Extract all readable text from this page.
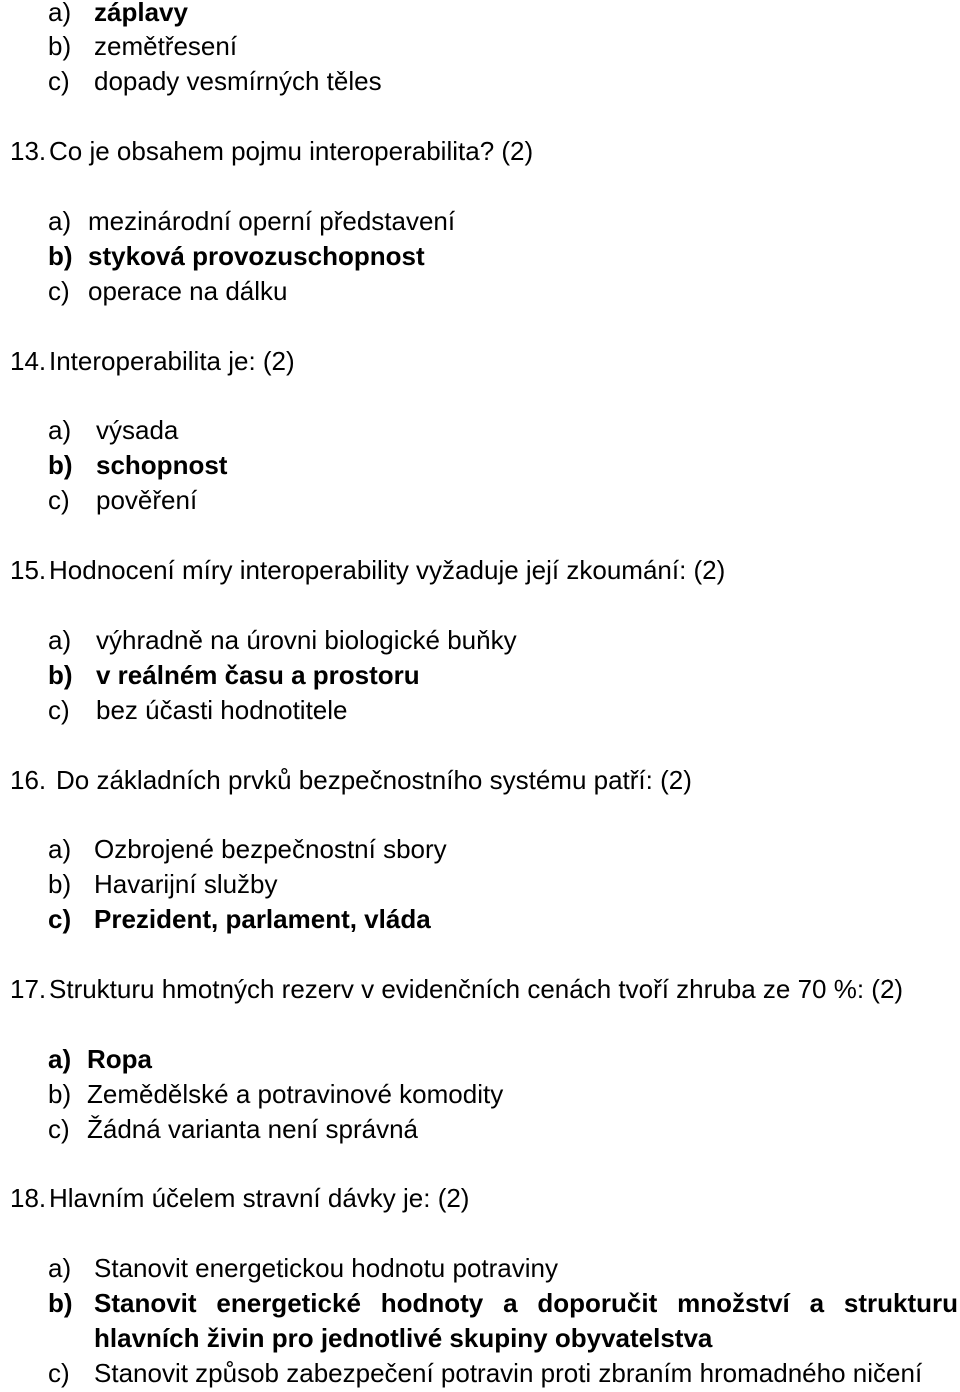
a) záplavy
b) zemětřesení
c) dopady vesmírných těles
13. Co je obsahem pojmu interoperabilita? (2)
a) mezinárodní operní představení
b) styková provozuschopnost
c) operace na dálku
14. Interoperabilita je: (2)
a) výsada
b) schopnost
c)	pověření
15. Hodnocení míry interoperability vyžaduje její zkoumání: (2)
a) výhradně na úrovni biologické buňky
b) v reálném času a prostoru
c)	bez účasti hodnotitele
16. Do základních prvků bezpečnostního systému patří: (2)
a) Ozbrojené bezpečnostní sbory
b) Havarijní služby
c) Prezident, parlament, vláda
17. Strukturu hmotných rezerv v evidenčních cenách tvoří zhruba ze 70 %: (2)
a) Ropa
b) Zemědělské a potravinové komodity
c) Žádná varianta není správná
18. Hlavním účelem stravní dávky je: (2)
a) Stanovit energetickou hodnotu potraviny
b) Stanovit energetické hodnoty a doporučit množství a strukturu hlavních živin pro jednotlivé skupiny obyvatelstva
c) Stanovit způsob zabezpečení potravin proti zbraním hromadného ničení
